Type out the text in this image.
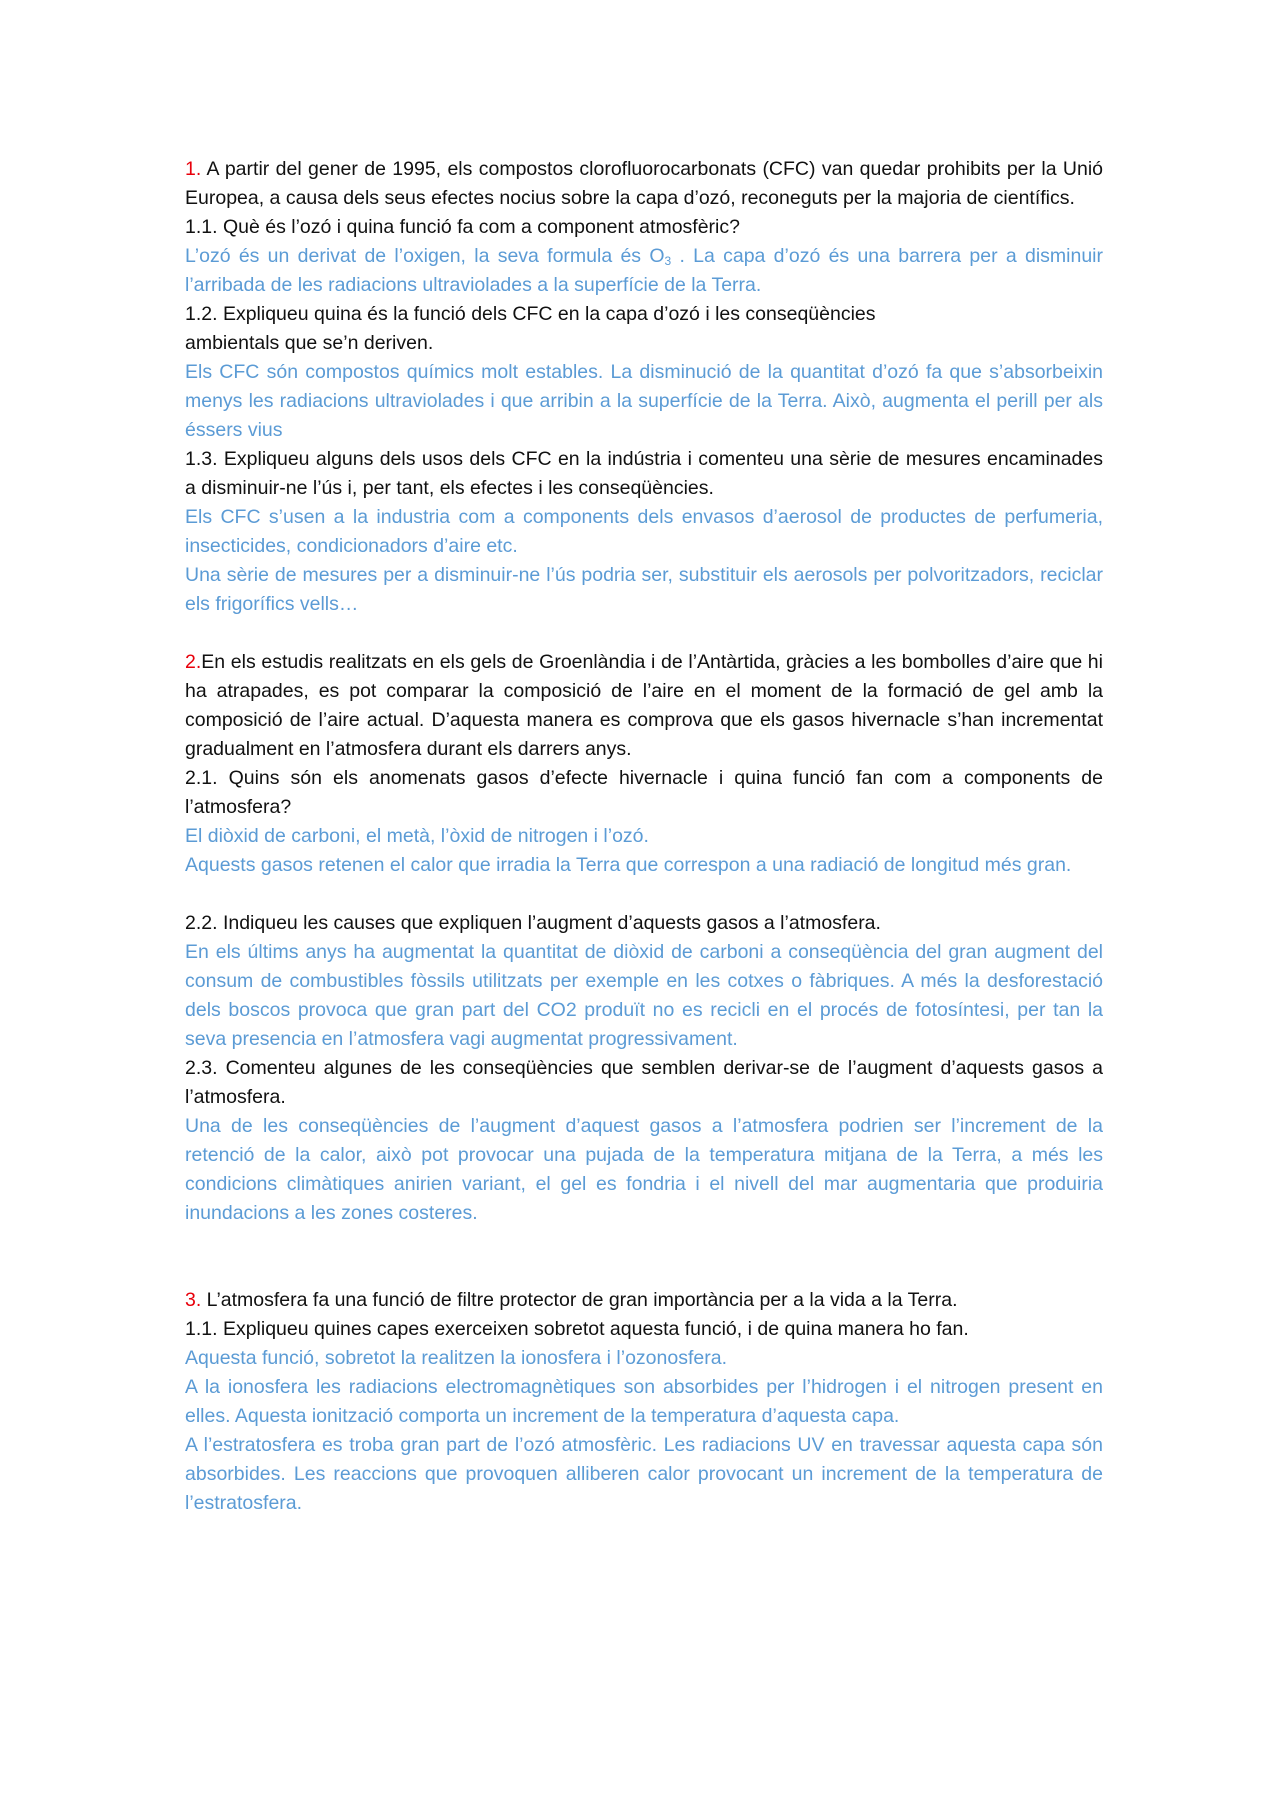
1. A partir del gener de 1995, els compostos clorofluorocarbonats (CFC) van quedar prohibits per la Unió Europea, a causa dels seus efectes nocius sobre la capa d’ozó, reconeguts per la majoria de científics.

1.1. Què és l’ozó i quina funció fa com a component atmosfèric?

L’ozó és un derivat de l’oxigen, la seva formula és $O_3$ . La capa d’ozó és una barrera per a disminuir l’arribada de les radiacions ultraviolades a la superfície de la Terra.

1.2. Expliqueu quina és la funció dels CFC en la capa d’ozó i les conseqüències

ambientals que se’n deriven.

Els CFC són compostos químics molt estables. La disminució de la quantitat d’ozó fa que s’absorbeixin menys les radiacions ultraviolades i que arribin a la superfície de la Terra. Això, augmenta el perill per als éssers vius

1.3. Expliqueu alguns dels usos dels CFC en la indústria i comenteu una sèrie de mesures encaminades a disminuir-ne l’ús i, per tant, els efectes i les conseqüències.

Els CFC s’usen a la industria com a components dels envasos d’aerosol de productes de perfumeria, insecticides, condicionadors d’aire etc.

Una sèrie de mesures per a disminuir-ne l’ús podria ser, substituir els aerosols per polvoritzadors, reciclar els frigorífics vells…

2.En els estudis realitzats en els gels de Groenlàndia i de l’Antàrtida, gràcies a les bombolles d’aire que hi ha atrapades, es pot comparar la composició de l’aire en el moment de la formació de gel amb la composició de l’aire actual. D’aquesta manera es comprova que els gasos hivernacle s’han incrementat gradualment en l’atmosfera durant els darrers anys.

2.1. Quins són els anomenats gasos d’efecte hivernacle i quina funció fan com a components de l’atmosfera?

El diòxid de carboni, el metà, l’òxid de nitrogen i l’ozó.

Aquests gasos retenen el calor que irradia la Terra que correspon a una radiació de longitud més gran.

2.2. Indiqueu les causes que expliquen l’augment d’aquests gasos a l’atmosfera.

En els últims anys ha augmentat la quantitat de diòxid de carboni a conseqüència del gran augment del consum de combustibles fòssils utilitzats per exemple en les cotxes o fàbriques. A més la desforestació dels boscos provoca que gran part del CO2 produït no es recicli en el procés de fotosíntesi, per tan la seva presencia en l’atmosfera vagi augmentat progressivament.

2.3. Comenteu algunes de les conseqüències que semblen derivar-se de l’augment d’aquests gasos a l’atmosfera.

Una de les conseqüències de l’augment d’aquest gasos a l’atmosfera podrien ser l’increment de la retenció de la calor, això pot provocar una pujada de la temperatura mitjana de la Terra, a més les condicions climàtiques anirien variant, el gel es fondria i el nivell del mar augmentaria que produiria inundacions a les zones costeres.

3. L’atmosfera fa una funció de filtre protector de gran importància per a la vida a la Terra.

1.1. Expliqueu quines capes exerceixen sobretot aquesta funció, i de quina manera ho fan.

Aquesta funció, sobretot la realitzen la ionosfera i l’ozonosfera.

A la ionosfera les radiacions electromagnètiques son absorbides per l’hidrogen i el nitrogen present en elles. Aquesta ionització comporta un increment de la temperatura d’aquesta capa.

A l’estratosfera es troba gran part de l’ozó atmosfèric. Les radiacions UV en travessar aquesta capa són absorbides. Les reaccions que provoquen alliberen calor provocant un increment de la temperatura de l’estratosfera.
